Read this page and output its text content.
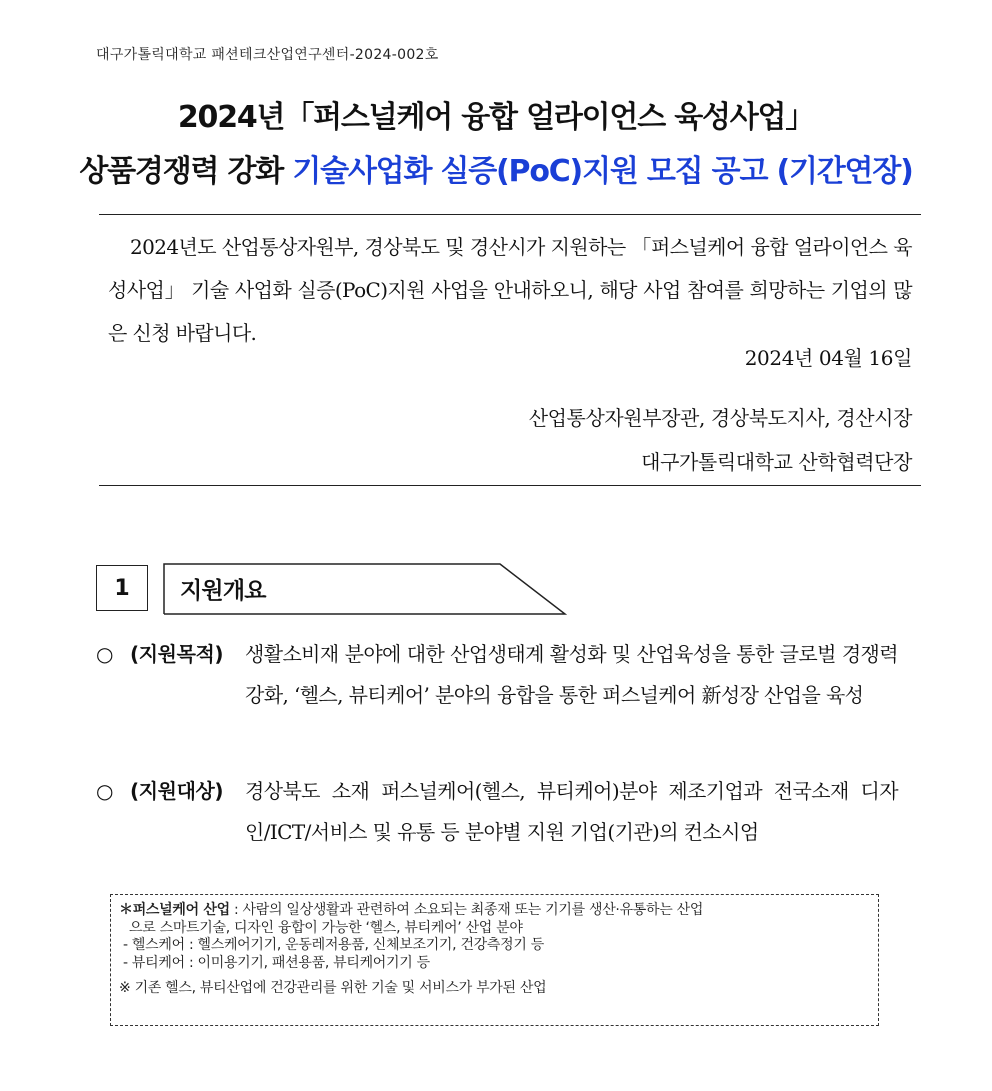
대구가톨릭대학교 패션테크산업연구센터-2024-002호
2024년「퍼스널케어 융합 얼라이언스 육성사업」
상품경쟁력 강화 기술사업화 실증(PoC)지원 모집 공고 (기간연장)

2024년도 산업통상자원부, 경상북도 및 경산시가 지원하는 「퍼스널케어 융합 얼라이언스 육성사업」 기술 사업화 실증(PoC)지원 사업을 안내하오니, 해당 사업 참여를 희망하는 기업의 많은 신청 바랍니다.

2024년 04월 16일
산업통상자원부장관, 경상북도지사, 경산시장
대구가톨릭대학교 산학협력단장
1 지원개요
○ (지원목적) 생활소비재 분야에 대한 산업생태계 활성화 및 산업육성을 통한 글로벌 경쟁력 강화, ‘헬스, 뷰티케어’ 분야의 융합을 통한 퍼스널케어 新성장 산업을 육성
○ (지원대상) 경상북도 소재 퍼스널케어(헬스, 뷰티케어)분야 제조기업과 전국소재 디자인/ICT/서비스 및 유통 등 분야별 지원 기업(기관)의 컨소시엄

＊퍼스널케어 산업 : 사람의 일상생활과 관련하여 소요되는 최종재 또는 기기를 생산·유통하는 산업

으로 스마트기술, 디자인 융합이 가능한 ‘헬스, 뷰티케어’ 산업 분야

- 헬스케어 : 헬스케어기기, 운동레저용품, 신체보조기기, 건강측정기 등

- 뷰티케어 : 이미용기기, 패션용품, 뷰티케어기기 등

※ 기존 헬스, 뷰티산업에 건강관리를 위한 기술 및 서비스가 부가된 산업
